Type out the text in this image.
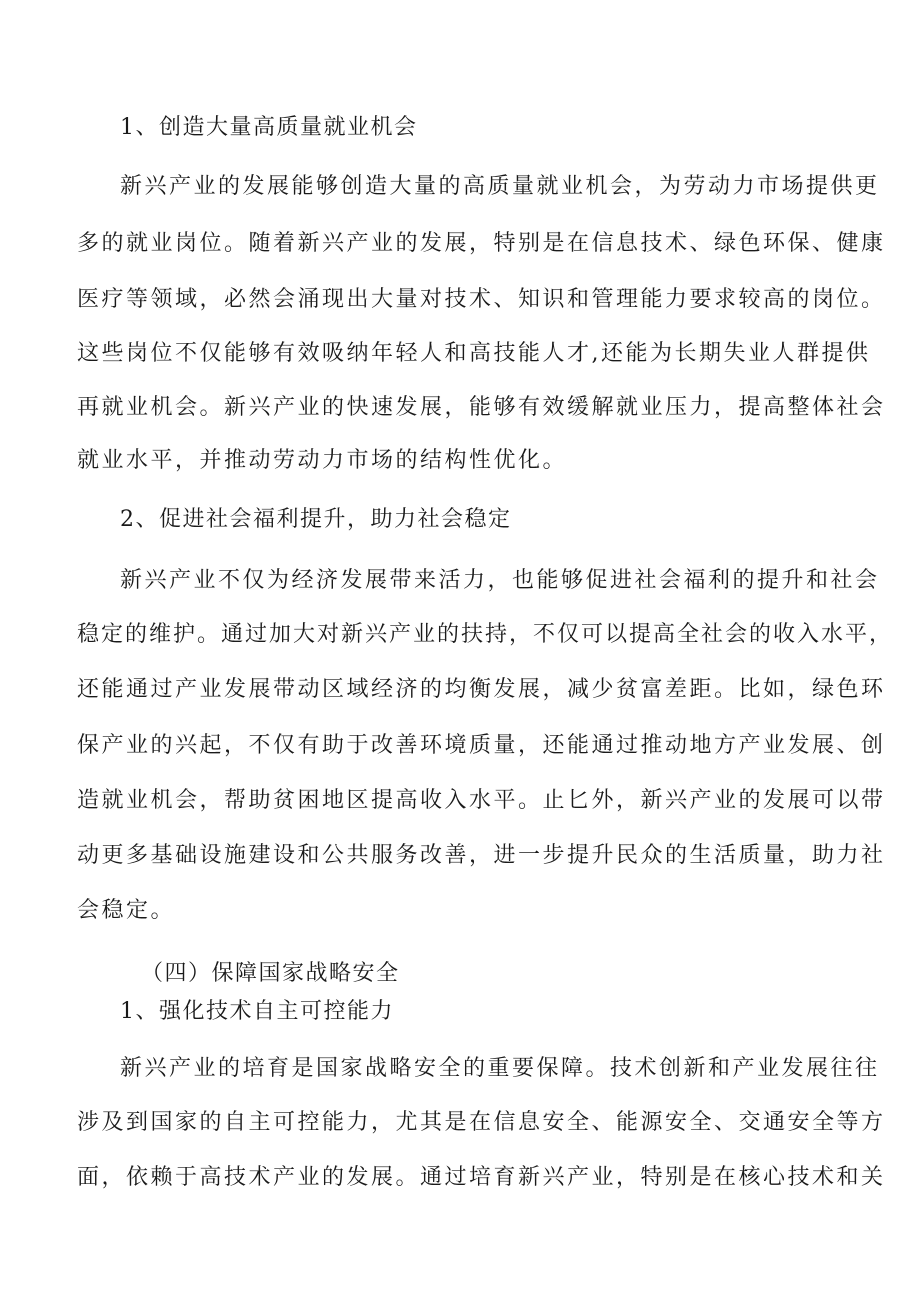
1、创造大量高质量就业机会
新兴产业的发展能够创造大量的高质量就业机会，为劳动力市场提供更
多的就业岗位。随着新兴产业的发展，特别是在信息技术、绿色环保、健康
医疗等领域，必然会涌现出大量对技术、知识和管理能力要求较高的岗位。
这些岗位不仅能够有效吸纳年轻人和高技能人才,还能为长期失业人群提供
再就业机会。新兴产业的快速发展，能够有效缓解就业压力，提高整体社会
就业水平，并推动劳动力市场的结构性优化。
2、促进社会福利提升，助力社会稳定
新兴产业不仅为经济发展带来活力，也能够促进社会福利的提升和社会
稳定的维护。通过加大对新兴产业的扶持，不仅可以提高全社会的收入水平，
还能通过产业发展带动区域经济的均衡发展，减少贫富差距。比如，绿色环
保产业的兴起，不仅有助于改善环境质量，还能通过推动地方产业发展、创
造就业机会，帮助贫困地区提高收入水平。止匕外，新兴产业的发展可以带
动更多基础设施建设和公共服务改善，进一步提升民众的生活质量，助力社
会稳定。
（四）保障国家战略安全
1、强化技术自主可控能力
新兴产业的培育是国家战略安全的重要保障。技术创新和产业发展往往
涉及到国家的自主可控能力，尤其是在信息安全、能源安全、交通安全等方
面，依赖于高技术产业的发展。通过培育新兴产业，特别是在核心技术和关
